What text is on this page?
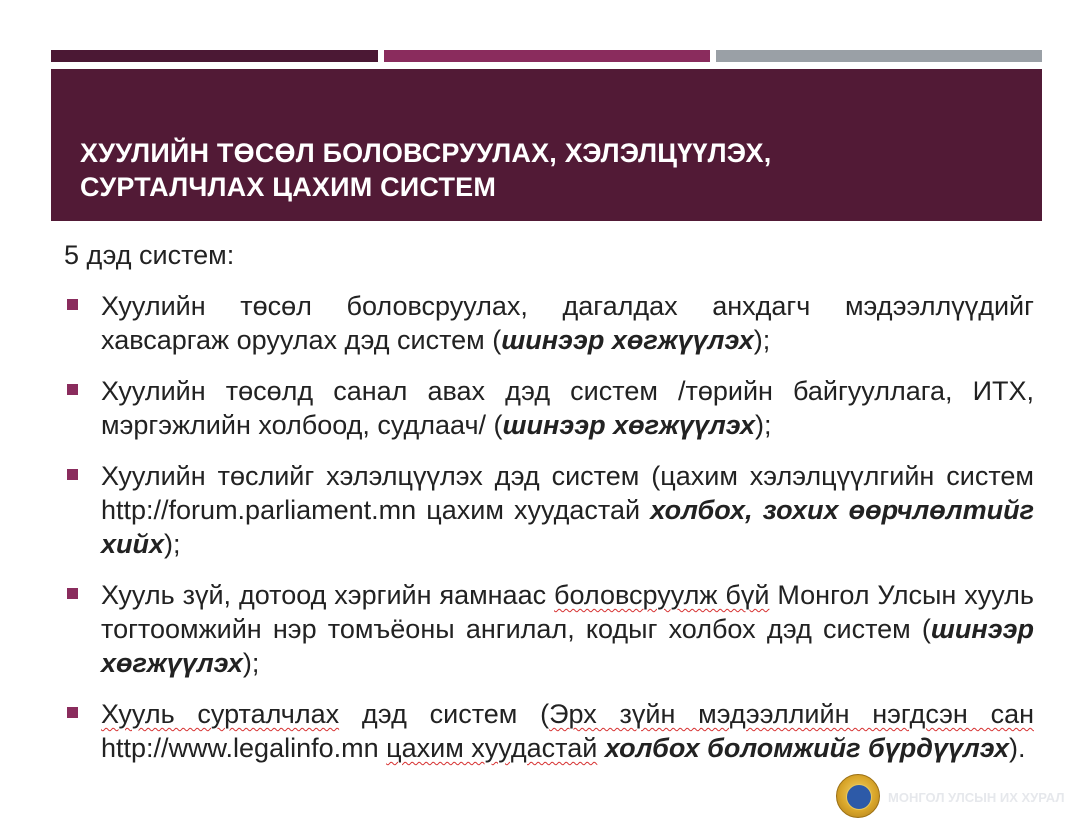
ХУУЛИЙН ТӨСӨЛ БОЛОВСРУУЛАХ, ХЭЛЭЛЦҮҮЛЭХ,
СУРТАЛЧЛАХ ЦАХИМ СИСТЕМ
5 дэд систем:
Хуулийн төсөл боловсруулах, дагалдах анхдагч мэдээллүүдийг хавсаргаж оруулах дэд систем (шинээр хөгжүүлэх);
Хуулийн төсөлд санал авах дэд систем /төрийн байгууллага, ИТХ, мэргэжлийн холбоод, судлаач/ (шинээр хөгжүүлэх);
Хуулийн төслийг хэлэлцүүлэх дэд систем (цахим хэлэлцүүлгийн систем http://forum.parliament.mn цахим хуудастай холбох, зохих өөрчлөлтийг хийх);
Хууль зүй, дотоод хэргийн яамнаас боловсруулж бүй Монгол Улсын хууль тогтоомжийн нэр томъёоны ангилал, кодыг холбох дэд систем (шинээр хөгжүүлэх);
Хууль сурталчлах дэд систем (Эрх зүйн мэдээллийн нэгдсэн сан http://www.legalinfo.mn цахим хуудастай холбох боломжийг бүрдүүлэх).
МОНГОЛ УЛСЫН ИХ ХУРАЛ
